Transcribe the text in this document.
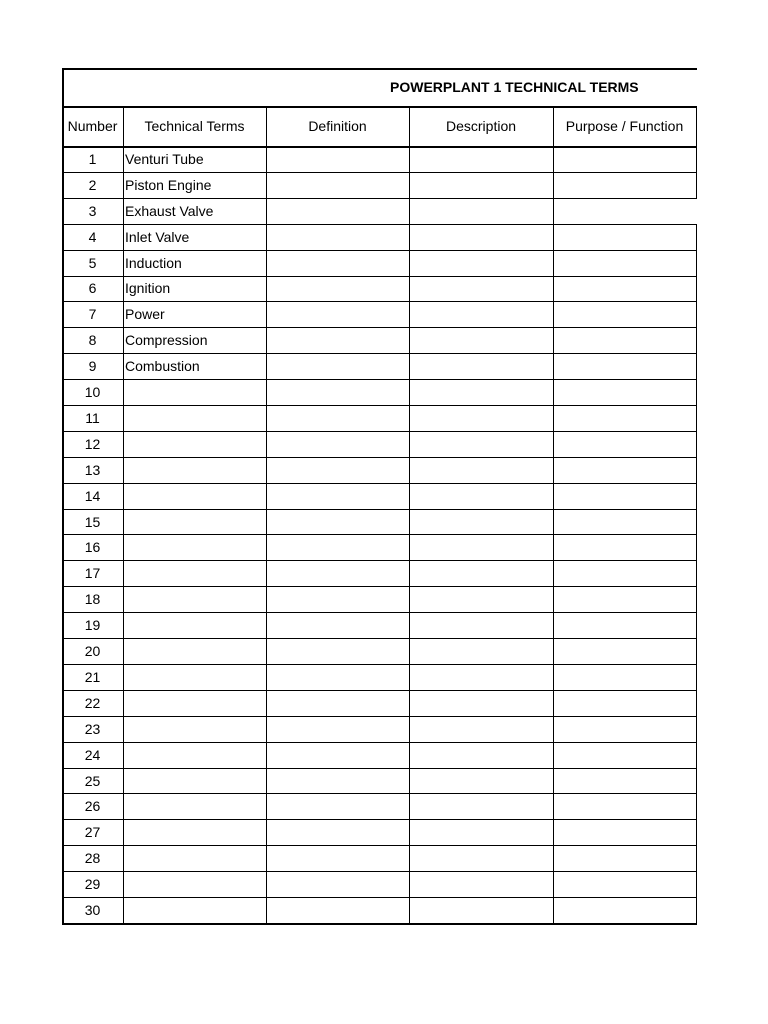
POWERPLANT 1 TECHNICAL TERMS
Number	Technical Terms	Definition	Description	Purpose / Function
1	Venturi Tube
2	Piston Engine
3	Exhaust Valve
4	Inlet Valve
5	Induction
6	Ignition
7	Power
8	Compression
9	Combustion
10
11
12
13
14
15
16
17
18
19
20
21
22
23
24
25
26
27
28
29
30
